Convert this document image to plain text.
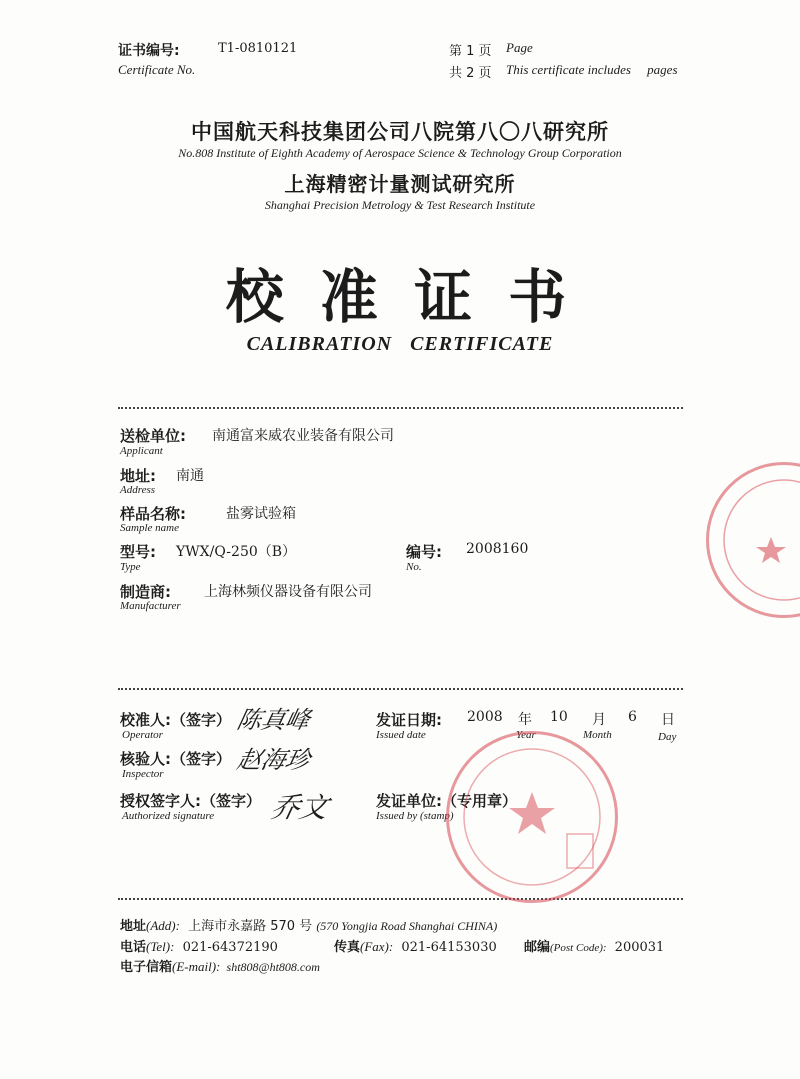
证书编号:	T1-0810121
Certificate No.
第 1 页 Page
共 2 页 This certificate includes     pages
中国航天科技集团公司八院第八〇八研究所
No.808 Institute of Eighth Academy of Aerospace Science & Technology Group Corporation
上海精密计量测试研究所
Shanghai Precision Metrology & Test Research Institute
校 准 证 书
CALIBRATION   CERTIFICATE
送检单位: 南通富来威农业装备有限公司
Applicant
地址: 南通
Address
样品名称:	盐雾试验箱
Sample name
型号: YWX/Q-250（B）
Type
编号: 2008160
No.
制造商: 上海林频仪器设备有限公司
Manufacturer
校准人:（签字）
Operator
陈真峰
核验人:（签字）
Inspector	赵海珍
授权签字人:（签字）
Authorized signature 乔文
发证日期:
Issued date
2008 年
Year
10 月
Month
6 日
Day
发证单位:（专用章）
Issued by (stamp)
地址(Add): 上海市永嘉路 570 号 (570 Yongjia Road Shanghai CHINA)
电话(Tel): 021-64372190	传真(Fax): 021-64153030 邮编(Post Code): 200031
电子信箱(E-mail): sht808@ht808.com
